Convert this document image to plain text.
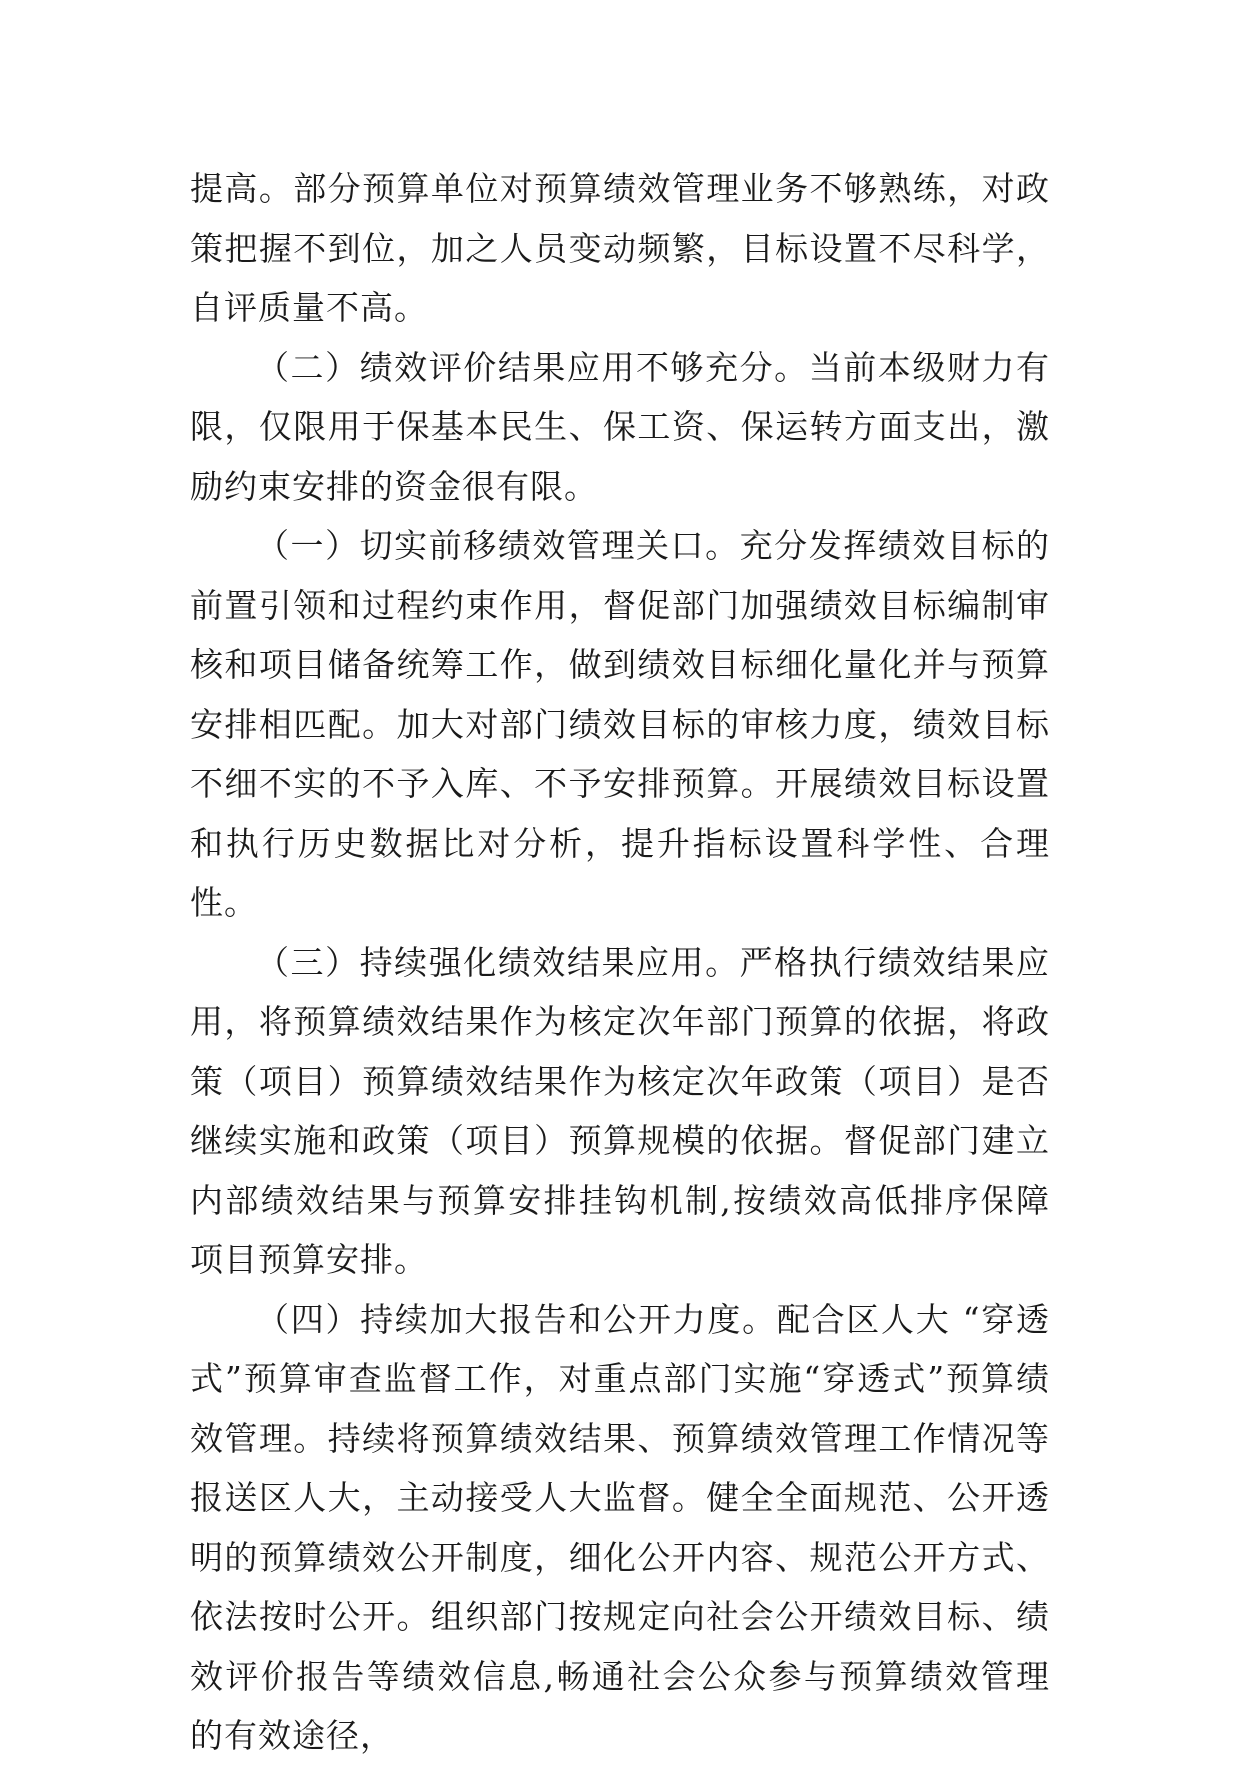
提高。部分预算单位对预算绩效管理业务不够熟练，对政策把握不到位，加之人员变动频繁，目标设置不尽科学，自评质量不高。

（二）绩效评价结果应用不够充分。当前本级财力有限，仅限用于保基本民生、保工资、保运转方面支出，激励约束安排的资金很有限。

（一）切实前移绩效管理关口。充分发挥绩效目标的前置引领和过程约束作用，督促部门加强绩效目标编制审核和项目储备统筹工作，做到绩效目标细化量化并与预算安排相匹配。加大对部门绩效目标的审核力度，绩效目标不细不实的不予入库、不予安排预算。开展绩效目标设置和执行历史数据比对分析，提升指标设置科学性、合理性。

（三）持续强化绩效结果应用。严格执行绩效结果应用，将预算绩效结果作为核定次年部门预算的依据，将政策（项目）预算绩效结果作为核定次年政策（项目）是否继续实施和政策（项目）预算规模的依据。督促部门建立内部绩效结果与预算安排挂钩机制,按绩效高低排序保障项目预算安排。

（四）持续加大报告和公开力度。配合区人大 “穿透式”预算审查监督工作，对重点部门实施“穿透式”预算绩效管理。持续将预算绩效结果、预算绩效管理工作情况等报送区人大，主动接受人大监督。健全全面规范、公开透明的预算绩效公开制度，细化公开内容、规范公开方式、依法按时公开。组织部门按规定向社会公开绩效目标、绩效评价报告等绩效信息,畅通社会公众参与预算绩效管理的有效途径，
